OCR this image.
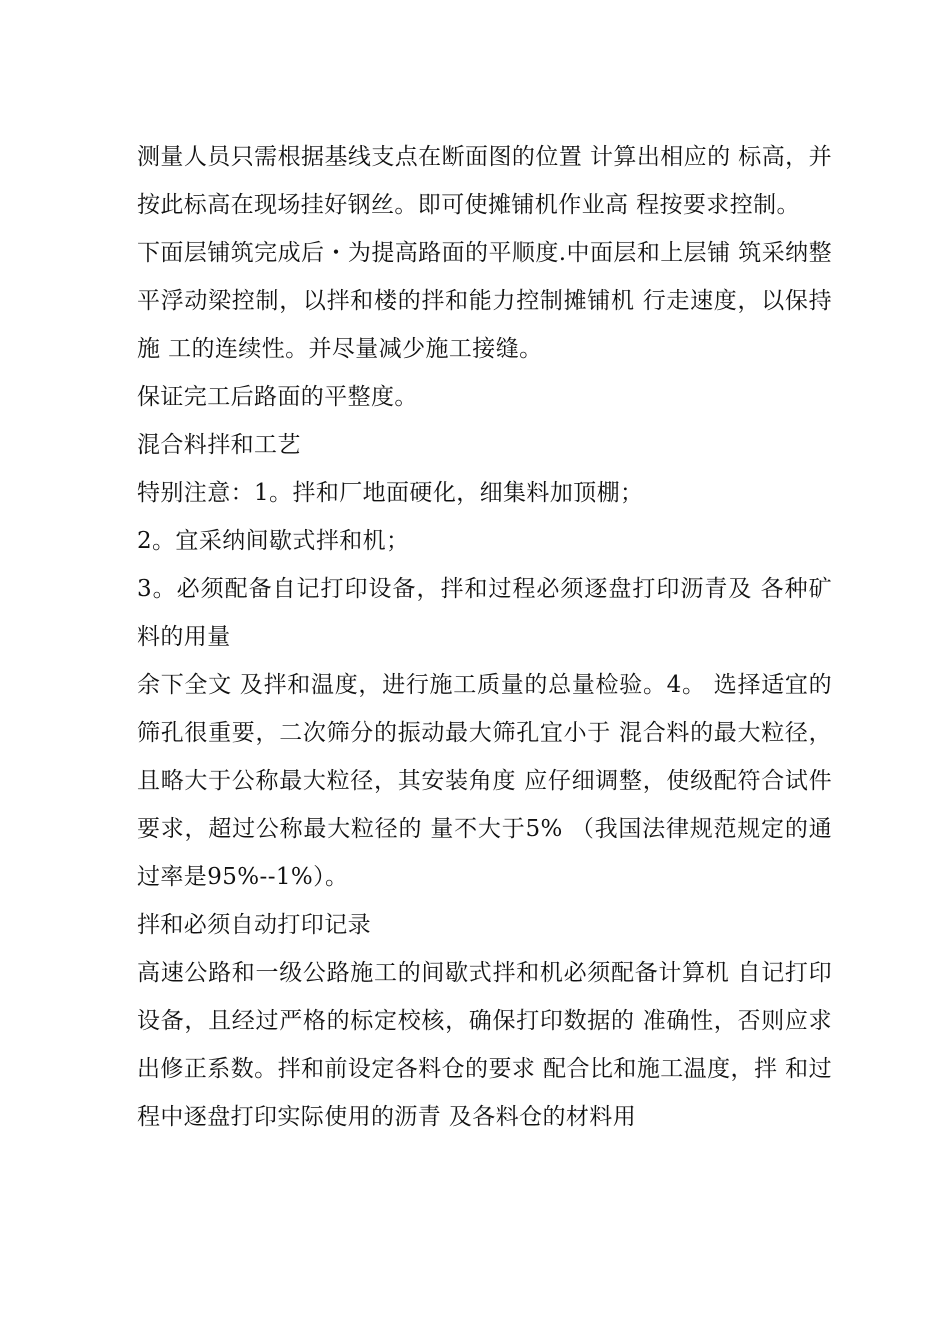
测量人员只需根据基线支点在断面图的位置 计算出相应的 标高，并按此标高在现场挂好钢丝。即可使摊铺机作业高 程按要求控制。

下面层铺筑完成后・为提高路面的平顺度.中面层和上层铺 筑采纳整平浮动梁控制，以拌和楼的拌和能力控制摊铺机 行走速度，以保持施 工的连续性。并尽量减少施工接缝。

保证完工后路面的平整度。

混合料拌和工艺

特别注意：1。拌和厂地面硬化，细集料加顶棚；

2。宜采纳间歇式拌和机；

3。必须配备自记打印设备，拌和过程必须逐盘打印沥青及 各种矿料的用量

余下全文 及拌和温度，进行施工质量的总量检验。4。 选择适宜的筛孔很重要，二次筛分的振动最大筛孔宜小于 混合料的最大粒径，且略大于公称最大粒径，其安装角度 应仔细调整，使级配符合试件要求，超过公称最大粒径的 量不大于5% （我国法律规范规定的通过率是95%--1%）。

拌和必须自动打印记录

高速公路和一级公路施工的间歇式拌和机必须配备计算机 自记打印设备，且经过严格的标定校核，确保打印数据的 准确性，否则应求出修正系数。拌和前设定各料仓的要求 配合比和施工温度，拌 和过程中逐盘打印实际使用的沥青 及各料仓的材料用
